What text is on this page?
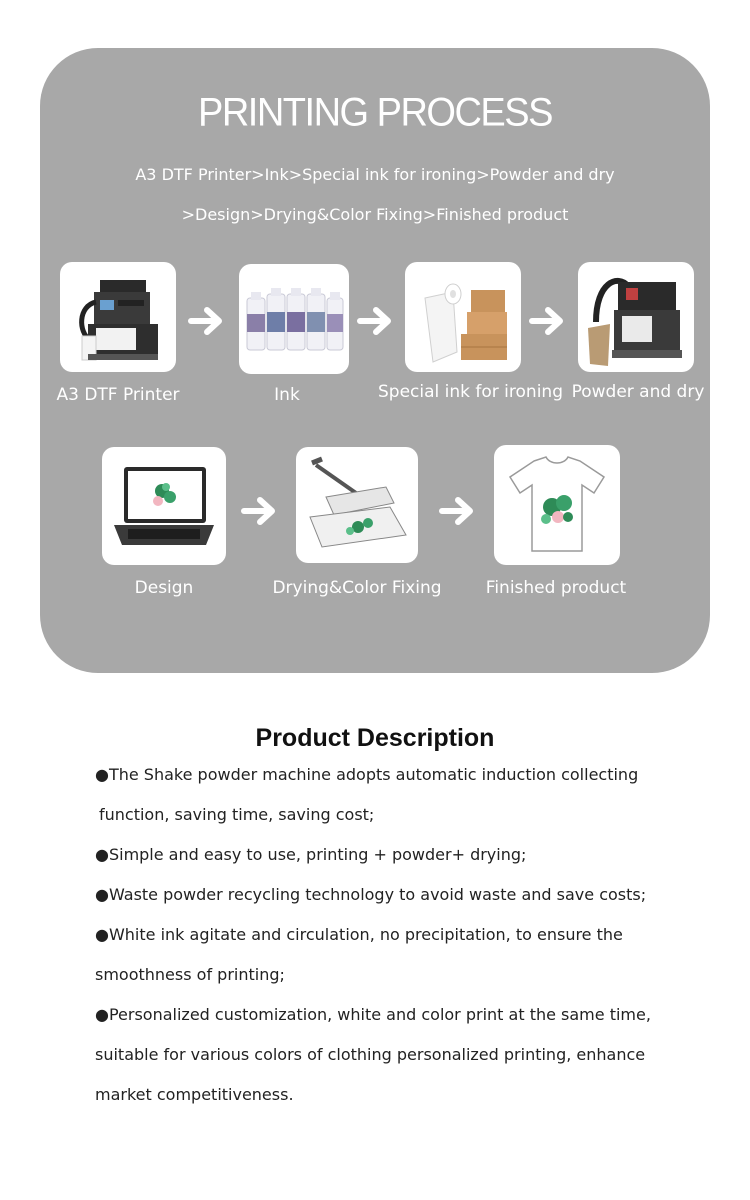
PRINTING PROCESS
A3 DTF Printer>Ink>Special ink for ironing>Powder and dry
>Design>Drying&Color Fixing>Finished product
A3 DTF Printer	Ink	Special ink for ironing Powder and dry
Design	Drying&Color Fixing	Finished product
Product Description
●The Shake powder machine adopts automatic induction collecting
function, saving time, saving cost;
●Simple and easy to use, printing + powder+ drying;
●Waste powder recycling technology to avoid waste and save costs;
●White ink agitate and circulation, no precipitation, to ensure the
smoothness of printing;
●Personalized customization, white and color print at the same time,
suitable for various colors of clothing personalized printing, enhance
market competitiveness.
